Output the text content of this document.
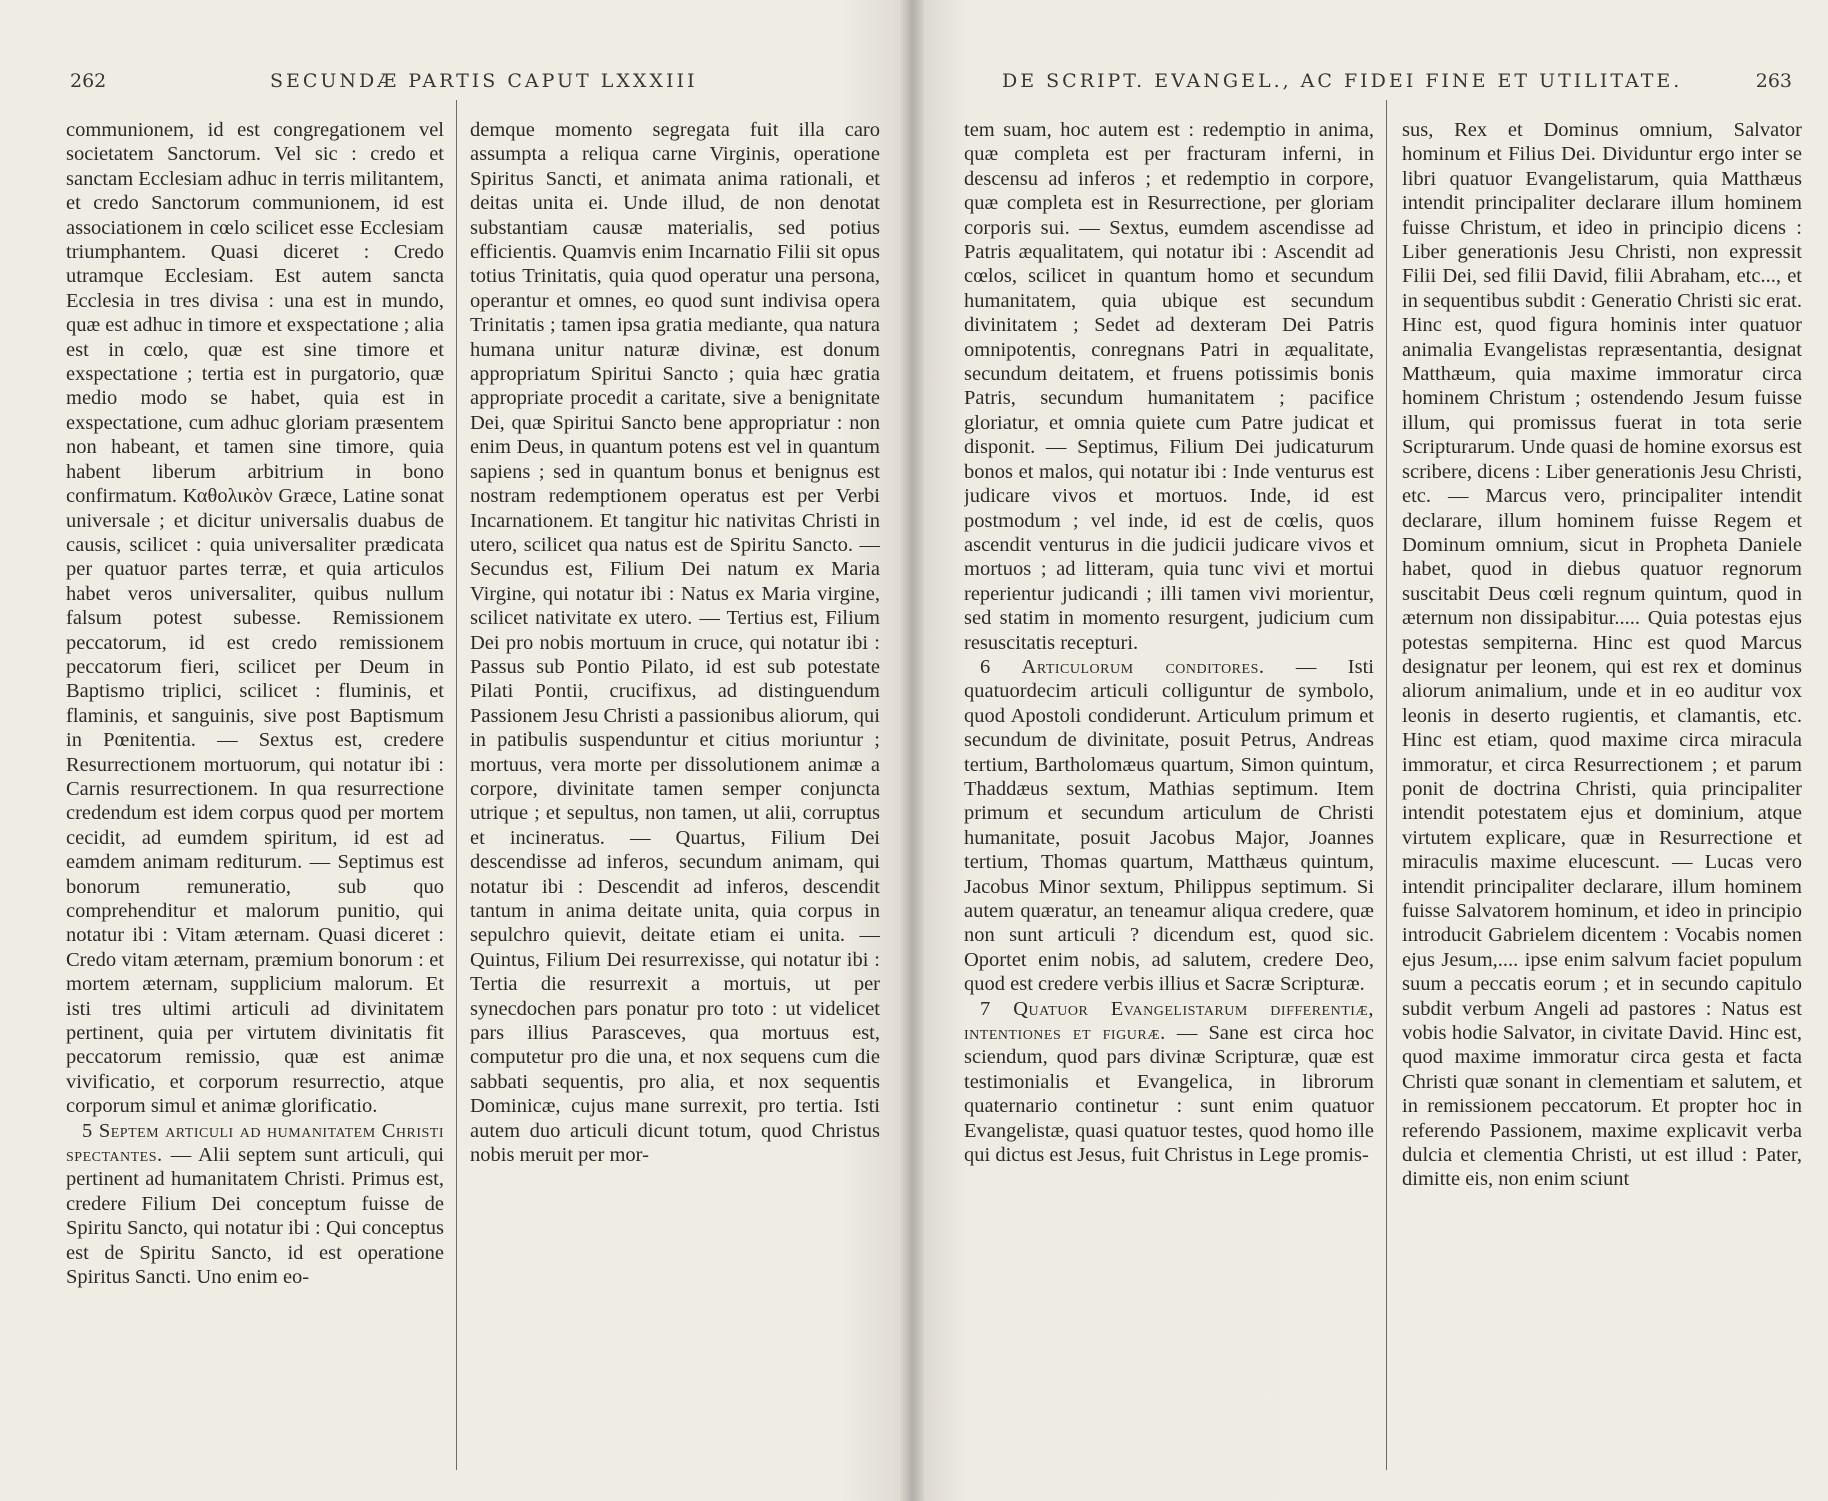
262	SECUNDÆ PARTIS CAPUT LXXXIII

communionem, id est congregationem vel societatem Sanctorum. Vel sic : credo et sanctam Ecclesiam adhuc in terris militantem, et credo Sanctorum communionem, id est associationem in cœlo scilicet esse Ecclesiam triumphantem. Quasi diceret : Credo utramque Ecclesiam. Est autem sancta Ecclesia in tres divisa : una est in mundo, quæ est adhuc in timore et exspectatione ; alia est in cœlo, quæ est sine timore et exspectatione ; tertia est in purgatorio, quæ medio modo se habet, quia est in exspectatione, cum adhuc gloriam præsentem non habeant, et tamen sine timore, quia habent liberum arbitrium in bono confirmatum. Καθολικὸν Græce, Latine sonat universale ; et dicitur universalis duabus de causis, scilicet : quia universaliter prædicata per quatuor partes terræ, et quia articulos habet veros universaliter, quibus nullum falsum potest subesse. Remissionem peccatorum, id est credo remissionem peccatorum fieri, scilicet per Deum in Baptismo triplici, scilicet : fluminis, et flaminis, et sanguinis, sive post Baptismum in Pœnitentia. — Sextus est, credere Resurrectionem mortuorum, qui notatur ibi : Carnis resurrectionem. In qua resurrectione credendum est idem corpus quod per mortem cecidit, ad eumdem spiritum, id est ad eamdem animam rediturum. — Septimus est bonorum remuneratio, sub quo comprehenditur et malorum punitio, qui notatur ibi : Vitam æternam. Quasi diceret : Credo vitam æternam, præmium bonorum : et mortem æternam, supplicium malorum. Et isti tres ultimi articuli ad divinitatem pertinent, quia per virtutem divinitatis fit peccatorum remissio, quæ est animæ vivificatio, et corporum resurrectio, atque corporum simul et animæ glorificatio.

5 Septem articuli ad humanitatem Christi spectantes. — Alii septem sunt articuli, qui pertinent ad humanitatem Christi. Primus est, credere Filium Dei conceptum fuisse de Spiritu Sancto, qui notatur ibi : Qui conceptus est de Spiritu Sancto, id est operatione Spiritus Sancti. Uno enim eo-

demque momento segregata fuit illa caro assumpta a reliqua carne Virginis, operatione Spiritus Sancti, et animata anima rationali, et deitas unita ei. Unde illud, de non denotat substantiam causæ materialis, sed potius efficientis. Quamvis enim Incarnatio Filii sit opus totius Trinitatis, quia quod operatur una persona, operantur et omnes, eo quod sunt indivisa opera Trinitatis ; tamen ipsa gratia mediante, qua natura humana unitur naturæ divinæ, est donum appropriatum Spiritui Sancto ; quia hæc gratia appropriate procedit a caritate, sive a benignitate Dei, quæ Spiritui Sancto bene appropriatur : non enim Deus, in quantum potens est vel in quantum sapiens ; sed in quantum bonus et benignus est nostram redemptionem operatus est per Verbi Incarnationem. Et tangitur hic nativitas Christi in utero, scilicet qua natus est de Spiritu Sancto. — Secundus est, Filium Dei natum ex Maria Virgine, qui notatur ibi : Natus ex Maria virgine, scilicet nativitate ex utero. — Tertius est, Filium Dei pro nobis mortuum in cruce, qui notatur ibi : Passus sub Pontio Pilato, id est sub potestate Pilati Pontii, crucifixus, ad distinguendum Passionem Jesu Christi a passionibus aliorum, qui in patibulis suspenduntur et citius moriuntur ; mortuus, vera morte per dissolutionem animæ a corpore, divinitate tamen semper conjuncta utrique ; et sepultus, non tamen, ut alii, corruptus et incineratus. — Quartus, Filium Dei descendisse ad inferos, secundum animam, qui notatur ibi : Descendit ad inferos, descendit tantum in anima deitate unita, quia corpus in sepulchro quievit, deitate etiam ei unita. — Quintus, Filium Dei resurrexisse, qui notatur ibi : Tertia die resurrexit a mortuis, ut per synecdochen pars ponatur pro toto : ut videlicet pars illius Parasceves, qua mortuus est, computetur pro die una, et nox sequens cum die sabbati sequentis, pro alia, et nox sequentis Dominicæ, cujus mane surrexit, pro tertia. Isti autem duo articuli dicunt totum, quod Christus nobis meruit per mor-

DE SCRIPT. EVANGEL., AC FIDEI FINE ET UTILITATE.	263

tem suam, hoc autem est : redemptio in anima, quæ completa est per fracturam inferni, in descensu ad inferos ; et redemptio in corpore, quæ completa est in Resurrectione, per gloriam corporis sui. — Sextus, eumdem ascendisse ad Patris æqualitatem, qui notatur ibi : Ascendit ad cœlos, scilicet in quantum homo et secundum humanitatem, quia ubique est secundum divinitatem ; Sedet ad dexteram Dei Patris omnipotentis, conregnans Patri in æqualitate, secundum deitatem, et fruens potissimis bonis Patris, secundum humanitatem ; pacifice gloriatur, et omnia quiete cum Patre judicat et disponit. — Septimus, Filium Dei judicaturum bonos et malos, qui notatur ibi : Inde venturus est judicare vivos et mortuos. Inde, id est postmodum ; vel inde, id est de cœlis, quos ascendit venturus in die judicii judicare vivos et mortuos ; ad litteram, quia tunc vivi et mortui reperientur judicandi ; illi tamen vivi morientur, sed statim in momento resurgent, judicium cum resuscitatis recepturi.

6 Articulorum conditores. — Isti quatuordecim articuli colliguntur de symbolo, quod Apostoli condiderunt. Articulum primum et secundum de divinitate, posuit Petrus, Andreas tertium, Bartholomæus quartum, Simon quintum, Thaddæus sextum, Mathias septimum. Item primum et secundum articulum de Christi humanitate, posuit Jacobus Major, Joannes tertium, Thomas quartum, Matthæus quintum, Jacobus Minor sextum, Philippus septimum. Si autem quæratur, an teneamur aliqua credere, quæ non sunt articuli ? dicendum est, quod sic. Oportet enim nobis, ad salutem, credere Deo, quod est credere verbis illius et Sacræ Scripturæ.

7 Quatuor Evangelistarum differentiæ, intentiones et figuræ. — Sane est circa hoc sciendum, quod pars divinæ Scripturæ, quæ est testimonialis et Evangelica, in librorum quaternario continetur : sunt enim quatuor Evangelistæ, quasi quatuor testes, quod homo ille qui dictus est Jesus, fuit Christus in Lege promis-

sus, Rex et Dominus omnium, Salvator hominum et Filius Dei. Dividuntur ergo inter se libri quatuor Evangelistarum, quia Matthæus intendit principaliter declarare illum hominem fuisse Christum, et ideo in principio dicens : Liber generationis Jesu Christi, non expressit Filii Dei, sed filii David, filii Abraham, etc..., et in sequentibus subdit : Generatio Christi sic erat. Hinc est, quod figura hominis inter quatuor animalia Evangelistas repræsentantia, designat Matthæum, quia maxime immoratur circa hominem Christum ; ostendendo Jesum fuisse illum, qui promissus fuerat in tota serie Scripturarum. Unde quasi de homine exorsus est scribere, dicens : Liber generationis Jesu Christi, etc. — Marcus vero, principaliter intendit declarare, illum hominem fuisse Regem et Dominum omnium, sicut in Propheta Daniele habet, quod in diebus quatuor regnorum suscitabit Deus cœli regnum quintum, quod in æternum non dissipabitur..... Quia potestas ejus potestas sempiterna. Hinc est quod Marcus designatur per leonem, qui est rex et dominus aliorum animalium, unde et in eo auditur vox leonis in deserto rugientis, et clamantis, etc. Hinc est etiam, quod maxime circa miracula immoratur, et circa Resurrectionem ; et parum ponit de doctrina Christi, quia principaliter intendit potestatem ejus et dominium, atque virtutem explicare, quæ in Resurrectione et miraculis maxime elucescunt. — Lucas vero intendit principaliter declarare, illum hominem fuisse Salvatorem hominum, et ideo in principio introducit Gabrielem dicentem : Vocabis nomen ejus Jesum,.... ipse enim salvum faciet populum suum a peccatis eorum ; et in secundo capitulo subdit verbum Angeli ad pastores : Natus est vobis hodie Salvator, in civitate David. Hinc est, quod maxime immoratur circa gesta et facta Christi quæ sonant in clementiam et salutem, et in remissionem peccatorum. Et propter hoc in referendo Passionem, maxime explicavit verba dulcia et clementia Christi, ut est illud : Pater, dimitte eis, non enim sciunt
